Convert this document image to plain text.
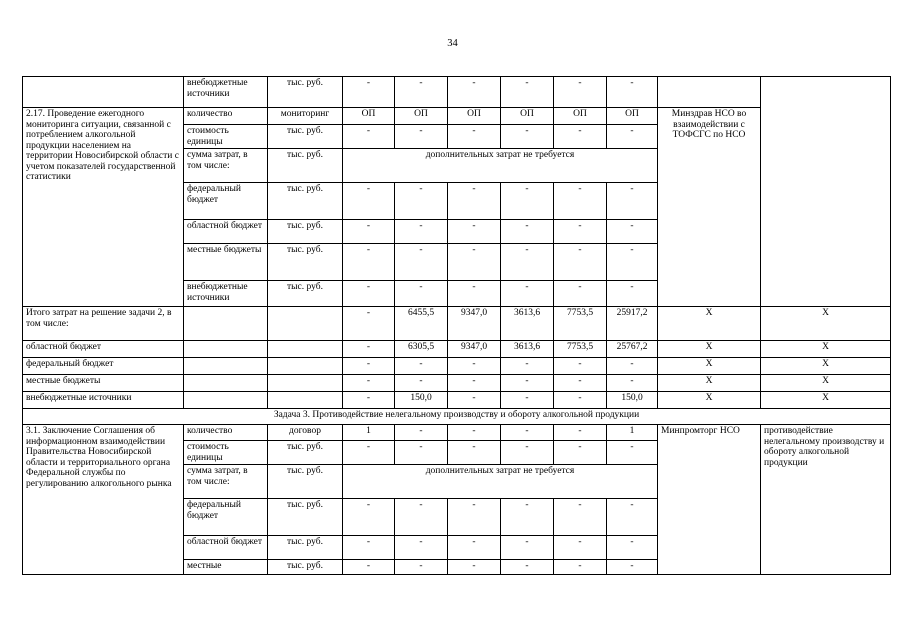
34
	внебюджетные источники	тыс. руб.	-	-	-	-	-	-		
2.17. Проведение ежегодного мониторинга ситуации, связанной с потреблением алкогольной продукции населением на территории Новосибирской области с учетом показателей государственной статистики	количество	мониторинг	ОП	ОП	ОП	ОП	ОП	ОП	Минздрав НСО во взаимодействии с ТОФСГС по НСО	
	стоимость единицы	тыс. руб.	-	-	-	-	-	-		
	сумма затрат, в том числе:	тыс. руб.	дополнительных затрат не требуется							
	федеральный бюджет	тыс. руб.	-	-	-	-	-	-		
	областной бюджет	тыс. руб.	-	-	-	-	-	-		
	местные бюджеты	тыс. руб.	-	-	-	-	-	-		
	внебюджетные источники	тыс. руб.	-	-	-	-	-	-		
Итого затрат на решение задачи 2, в том числе:			-	6455,5	9347,0	3613,6	7753,5	25917,2	X	X
областной бюджет			-	6305,5	9347,0	3613,6	7753,5	25767,2	X	X
федеральный бюджет			-	-	-	-	-	-	X	X
местные бюджеты			-	-	-	-	-	-	X	X
внебюджетные источники			-	150,0	-	-	-	150,0	X	X
Задача 3. Противодействие нелегальному производству и обороту алкогольной продукции										
3.1. Заключение Соглашения об информационном взаимодействии Правительства Новосибирской области и территориального органа Федеральной службы по регулированию алкогольного рынка	количество	договор	1	-	-	-	-	1	Минпромторг НСО	противодействие нелегальному производству и обороту алкогольной продукции
	стоимость единицы	тыс. руб.	-	-	-	-	-	-		
	сумма затрат, в том числе:	тыс. руб.	дополнительных затрат не требуется							
	федеральный бюджет	тыс. руб.	-	-	-	-	-	-		
	областной бюджет	тыс. руб.	-	-	-	-	-	-		
	местные	тыс. руб.	-	-	-	-	-	-		
